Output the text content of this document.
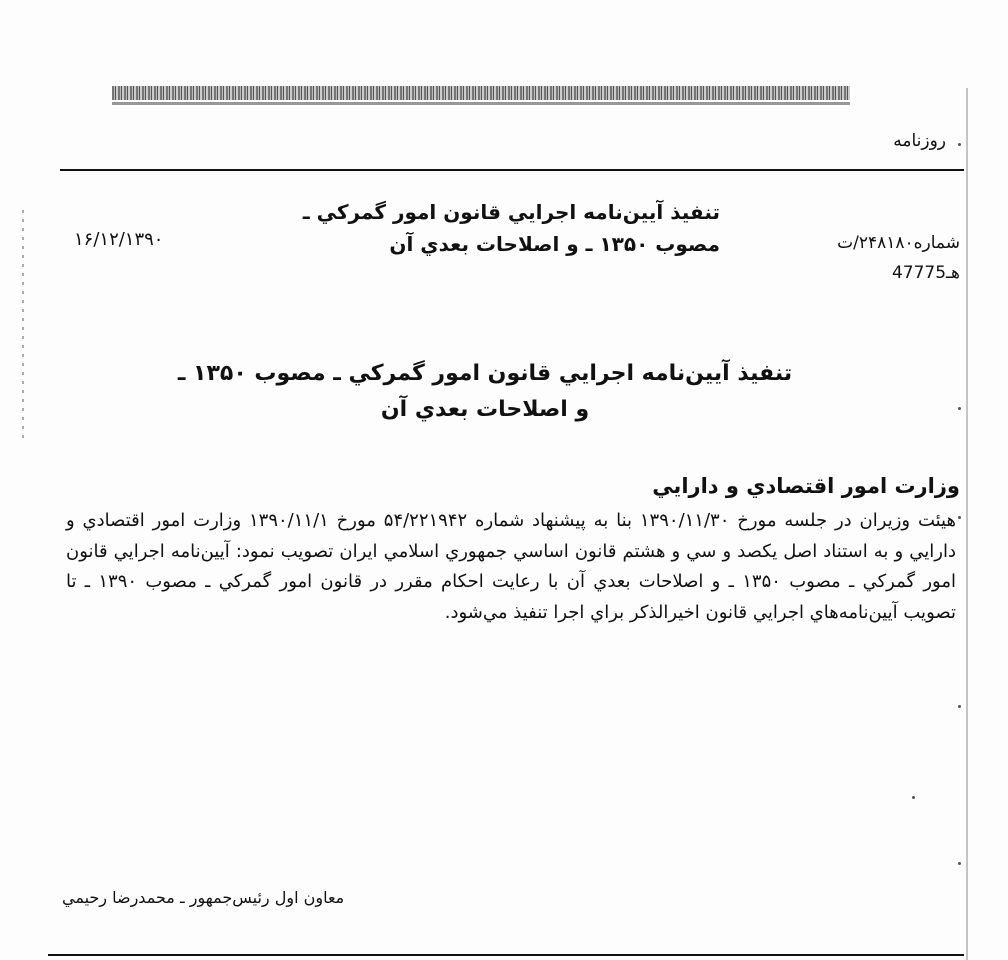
روزنامه
شماره۲۴۸۱۸۰/ت
هـ47775
۱۶/۱۲/۱۳۹۰
تنفيذ آيين‌نامه اجرايي قانون امور گمركي ـ مصوب ۱۳۵۰ ـ و اصلاحات بعدي آن
تنفيذ آيين‌نامه اجرايي قانون امور گمركي ـ مصوب ۱۳۵۰ ـ
و اصلاحات بعدي آن
وزارت امور اقتصادي و دارايي
هيئت وزيران در جلسه مورخ ۱۳۹۰/۱۱/۳۰ بنا به پيشنهاد شماره ۵۴/۲۲۱۹۴۲ مورخ ۱۳۹۰/۱۱/۱ وزارت امور اقتصادي و دارايي و به استناد اصل يكصد و سي و هشتم قانون اساسي جمهوري اسلامي ايران تصويب نمود: آيين‌نامه اجرايي قانون امور گمركي ـ مصوب ۱۳۵۰ ـ و اصلاحات بعدي آن با رعايت احكام مقرر در قانون امور گمركي ـ مصوب ۱۳۹۰ ـ تا تصويب آيين‌نامه‌هاي اجرايي قانون اخيرالذكر براي اجرا تنفيذ مي‌شود.
معاون اول رئيس‌جمهور ـ محمدرضا رحيمي
